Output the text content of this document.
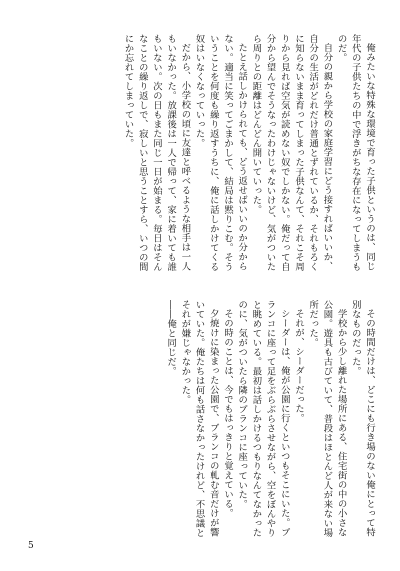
俺みたいな特殊な環境で育った子供というのは、同じ年代の子供たちの中で浮きがちな存在になってしまうものだ。

自分の親から学校の家庭学習にどう接すればいいか、自分の生活がどれだけ普通とずれているか、それもろくに知らないまま育ってしまった子供なんて、それこそ周りから見れば空気が読めない奴でしかない。俺だって自分から望んでそうなったわけじゃないけど、気がついたら周りとの距離はどんどん開いていった。

たとえ話しかけられても、どう返せばいいのか分からない。適当に笑ってごまかして、結局は黙りこむ。そういうことを何度も繰り返すうちに、俺に話しかけてくる奴はいなくなっていった。

だから、小学校の頃に友達と呼べるような相手は一人もいなかった。放課後は一人で帰って、家に着いても誰もいない。次の日もまた同じ一日が始まる。毎日はそんなことの繰り返しで、寂しいと思うことすら、いつの間にか忘れてしまっていた。

その時間だけは、どこにも行き場のない俺にとって特別なものだった。

学校から少し離れた場所にある、住宅街の中の小さな公園。遊具も古びていて、普段はほとんど人が来ない場所だった。

それが、シーダーだった。

シーダーは、俺が公園に行くといつもそこにいた。ブランコに座って足をぶらぶらさせながら、空をぼんやりと眺めている。最初は話しかけるつもりなんてなかったのに、気がついたら隣のブランコに座っていた。

その時のことは、今でもはっきりと覚えている。

夕焼けに染まった公園で、ブランコの軋む音だけが響いていた。俺たちは何も話さなかったけれど、不思議とそれが嫌じゃなかった。

――俺と同じだ。

5
